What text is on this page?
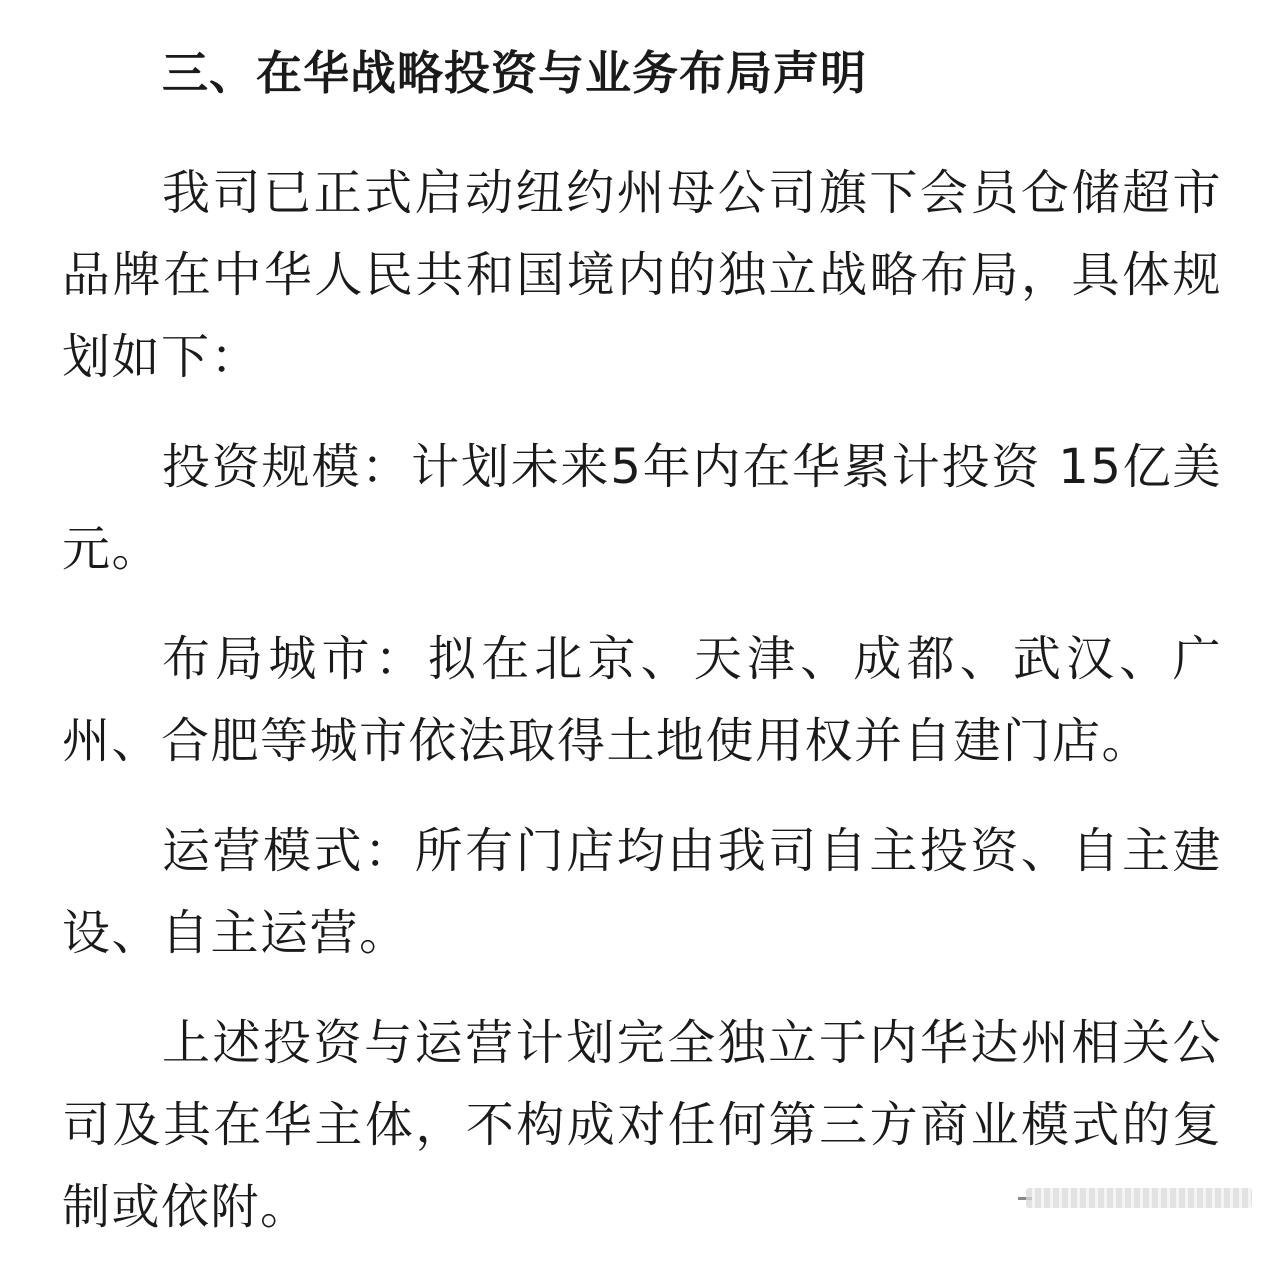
三、在华战略投资与业务布局声明

我司已正式启动纽约州母公司旗下会员仓储超市品牌在中华人民共和国境内的独立战略布局，具体规划如下：

投资规模：计划未来5年内在华累计投资 15亿美元。

布局城市：拟在北京、天津、成都、武汉、广州、合肥等城市依法取得土地使用权并自建门店。

运营模式：所有门店均由我司自主投资、自主建设、自主运营。

上述投资与运营计划完全独立于内华达州相关公司及其在华主体，不构成对任何第三方商业模式的复制或依附。
